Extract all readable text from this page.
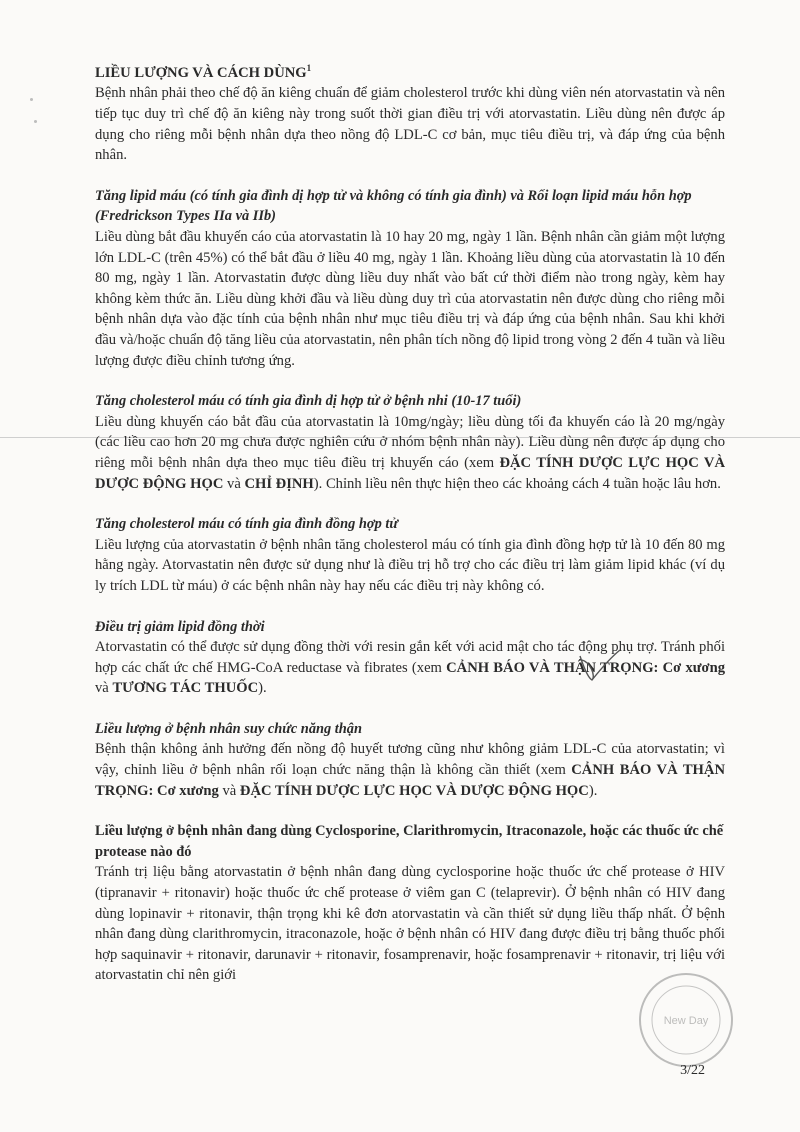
LIỀU LƯỢNG VÀ CÁCH DÙNG$^1$

Bệnh nhân phải theo chế độ ăn kiêng chuẩn để giảm cholesterol trước khi dùng viên nén atorvastatin và nên tiếp tục duy trì chế độ ăn kiêng này trong suốt thời gian điều trị với atorvastatin. Liều dùng nên được áp dụng cho riêng mỗi bệnh nhân dựa theo nồng độ LDL-C cơ bản, mục tiêu điều trị, và đáp ứng của bệnh nhân.

Tăng lipid máu (có tính gia đình dị hợp tử và không có tính gia đình) và Rối loạn lipid máu hỗn hợp (Fredrickson Types IIa và IIb)

Liều dùng bắt đầu khuyến cáo của atorvastatin là 10 hay 20 mg, ngày 1 lần. Bệnh nhân cần giảm một lượng lớn LDL-C (trên 45%) có thể bắt đầu ở liều 40 mg, ngày 1 lần. Khoảng liều dùng của atorvastatin là 10 đến 80 mg, ngày 1 lần. Atorvastatin được dùng liều duy nhất vào bất cứ thời điểm nào trong ngày, kèm hay không kèm thức ăn. Liều dùng khởi đầu và liều dùng duy trì của atorvastatin nên được dùng cho riêng mỗi bệnh nhân dựa vào đặc tính của bệnh nhân như mục tiêu điều trị và đáp ứng của bệnh nhân. Sau khi khởi đầu và/hoặc chuẩn độ tăng liều của atorvastatin, nên phân tích nồng độ lipid trong vòng 2 đến 4 tuần và liều lượng được điều chỉnh tương ứng.

Tăng cholesterol máu có tính gia đình dị hợp tử ở bệnh nhi (10-17 tuổi)

Liều dùng khuyến cáo bắt đầu của atorvastatin là 10mg/ngày; liều dùng tối đa khuyến cáo là 20 mg/ngày (các liều cao hơn 20 mg chưa được nghiên cứu ở nhóm bệnh nhân này). Liều dùng nên được áp dụng cho riêng mỗi bệnh nhân dựa theo mục tiêu điều trị khuyến cáo (xem ĐẶC TÍNH DƯỢC LỰC HỌC VÀ DƯỢC ĐỘNG HỌC và CHỈ ĐỊNH). Chỉnh liều nên thực hiện theo các khoảng cách 4 tuần hoặc lâu hơn.

Tăng cholesterol máu có tính gia đình đồng hợp tử

Liều lượng của atorvastatin ở bệnh nhân tăng cholesterol máu có tính gia đình đồng hợp tử là 10 đến 80 mg hằng ngày. Atorvastatin nên được sử dụng như là điều trị hỗ trợ cho các điều trị làm giảm lipid khác (ví dụ ly trích LDL từ máu) ở các bệnh nhân này hay nếu các điều trị này không có.

Điều trị giảm lipid đồng thời

Atorvastatin có thể được sử dụng đồng thời với resin gắn kết với acid mật cho tác động phụ trợ. Tránh phối hợp các chất ức chế HMG-CoA reductase và fibrates (xem CẢNH BÁO VÀ THẬN TRỌNG: Cơ xương và TƯƠNG TÁC THUỐC).

Liều lượng ở bệnh nhân suy chức năng thận

Bệnh thận không ảnh hưởng đến nồng độ huyết tương cũng như không giảm LDL-C của atorvastatin; vì vậy, chỉnh liều ở bệnh nhân rối loạn chức năng thận là không cần thiết (xem CẢNH BÁO VÀ THẬN TRỌNG: Cơ xương và ĐẶC TÍNH DƯỢC LỰC HỌC VÀ DƯỢC ĐỘNG HỌC).

Liều lượng ở bệnh nhân đang dùng Cyclosporine, Clarithromycin, Itraconazole, hoặc các thuốc ức chế protease nào đó

Tránh trị liệu bằng atorvastatin ở bệnh nhân đang dùng cyclosporine hoặc thuốc ức chế protease ở HIV (tipranavir + ritonavir) hoặc thuốc ức chế protease ở viêm gan C (telaprevir). Ở bệnh nhân có HIV đang dùng lopinavir + ritonavir, thận trọng khi kê đơn atorvastatin và cần thiết sử dụng liều thấp nhất. Ở bệnh nhân đang dùng clarithromycin, itraconazole, hoặc ở bệnh nhân có HIV đang được điều trị bằng thuốc phối hợp saquinavir + ritonavir, darunavir + ritonavir, fosamprenavir, hoặc fosamprenavir + ritonavir, trị liệu với atorvastatin chỉ nên giới

New Day
3/22
